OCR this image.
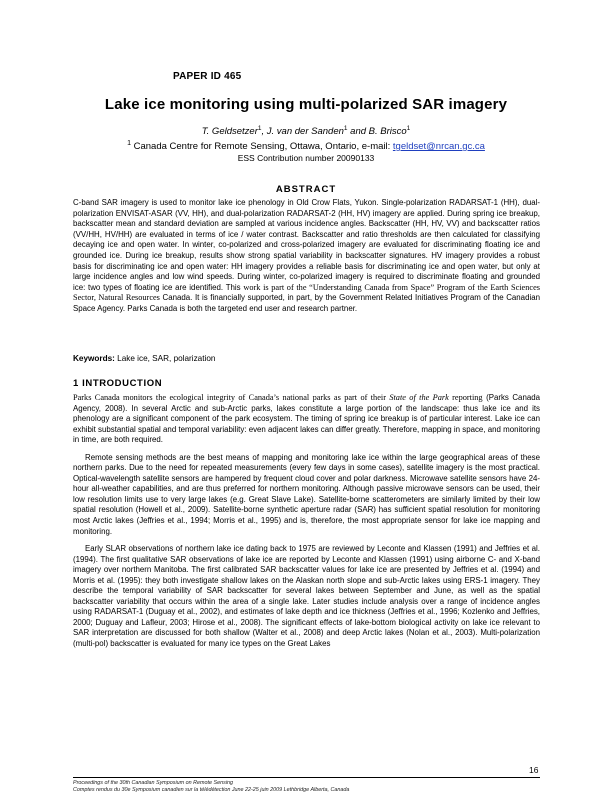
PAPER ID 465
Lake ice monitoring using multi-polarized SAR imagery
T. Geldsetzer$^1$, J. van der Sanden$^1$ and B. Brisco$^1$
$^1$ Canada Centre for Remote Sensing, Ottawa, Ontario, e-mail: tgeldset@nrcan.gc.ca
ESS Contribution number 20090133
ABSTRACT
C-band SAR imagery is used to monitor lake ice phenology in Old Crow Flats, Yukon. Single-polarization RADARSAT-1 (HH), dual-polarization ENVISAT-ASAR (VV, HH), and dual-polarization RADARSAT-2 (HH, HV) imagery are applied. During spring ice breakup, backscatter mean and standard deviation are sampled at various incidence angles. Backscatter (HH, HV, VV) and backscatter ratios (VV/HH, HV/HH) are evaluated in terms of ice / water contrast. Backscatter and ratio thresholds are then calculated for classifying decaying ice and open water. In winter, co-polarized and cross-polarized imagery are evaluated for discriminating floating ice and grounded ice. During ice breakup, results show strong spatial variability in backscatter signatures. HV imagery provides a robust basis for discriminating ice and open water: HH imagery provides a reliable basis for discriminating ice and open water, but only at large incidence angles and low wind speeds. During winter, co-polarized imagery is required to discriminate floating and grounded ice: two types of floating ice are identified. This work is part of the “Understanding Canada from Space” Program of the Earth Sciences Sector, Natural Resources Canada. It is financially supported, in part, by the Government Related Initiatives Program of the Canadian Space Agency. Parks Canada is both the targeted end user and research partner.
Keywords: Lake ice, SAR, polarization
1 INTRODUCTION

Parks Canada monitors the ecological integrity of Canada’s national parks as part of their State of the Park reporting (Parks Canada Agency, 2008). In several Arctic and sub-Arctic parks, lakes constitute a large portion of the landscape: thus lake ice and its phenology are a significant component of the park ecosystem. The timing of spring ice breakup is of particular interest. Lake ice can exhibit substantial spatial and temporal variability: even adjacent lakes can differ greatly. Therefore, mapping in space, and monitoring in time, are both required.

Remote sensing methods are the best means of mapping and monitoring lake ice within the large geographical areas of these northern parks. Due to the need for repeated measurements (every few days in some cases), satellite imagery is the most practical. Optical-wavelength satellite sensors are hampered by frequent cloud cover and polar darkness. Microwave satellite sensors have 24-hour all-weather capabilities, and are thus preferred for northern monitoring. Although passive microwave sensors can be used, their low resolution limits use to very large lakes (e.g. Great Slave Lake). Satellite-borne scatterometers are similarly limited by their low spatial resolution (Howell et al., 2009). Satellite-borne synthetic aperture radar (SAR) has sufficient spatial resolution for monitoring most Arctic lakes (Jeffries et al., 1994; Morris et al., 1995) and is, therefore, the most appropriate sensor for lake ice mapping and monitoring.

Early SLAR observations of northern lake ice dating back to 1975 are reviewed by Leconte and Klassen (1991) and Jeffries et al. (1994). The first qualitative SAR observations of lake ice are reported by Leconte and Klassen (1991) using airborne C- and X-band imagery over northern Manitoba. The first calibrated SAR backscatter values for lake ice are presented by Jeffries et al. (1994) and Morris et al. (1995): they both investigate shallow lakes on the Alaskan north slope and sub-Arctic lakes using ERS-1 imagery. They describe the temporal variability of SAR backscatter for several lakes between September and June, as well as the spatial backscatter variability that occurs within the area of a single lake. Later studies include analysis over a range of incidence angles using RADARSAT-1 (Duguay et al., 2002), and estimates of lake depth and ice thickness (Jeffries et al., 1996; Kozlenko and Jeffries, 2000; Duguay and Lafleur, 2003; Hirose et al., 2008). The significant effects of lake-bottom biological activity on lake ice relevant to SAR interpretation are discussed for both shallow (Walter et al., 2008) and deep Arctic lakes (Nolan et al., 2003). Multi-polarization (multi-pol) backscatter is evaluated for many ice types on the Great Lakes

16
Proceedings of the 30th Canadian Symposium on Remote Sensing
Comptes rendus du 30e Symposium canadien sur la télédétection June 22-25 juin 2009 Lethbridge Alberta, Canada
